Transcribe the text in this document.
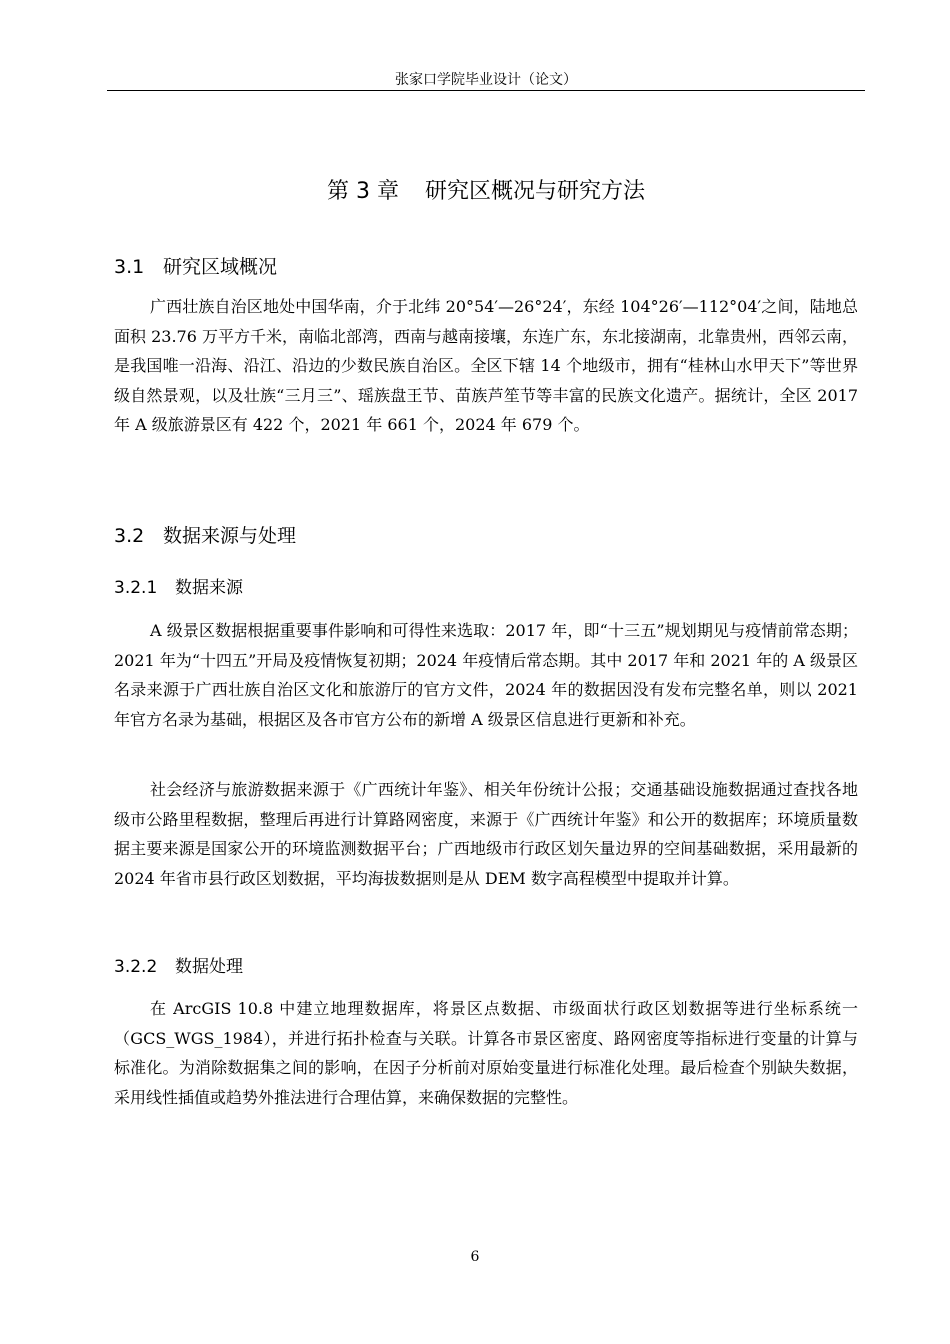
张家口学院毕业设计（论文）
第 3 章 研究区概况与研究方法
3.1 研究区域概况

广西壮族自治区地处中国华南，介于北纬 20°54′—26°24′，东经 104°26′—112°04′之间，陆地总面积 23.76 万平方千米，南临北部湾，西南与越南接壤，东连广东，东北接湖南，北靠贵州，西邻云南，是我国唯一沿海、沿江、沿边的少数民族自治区。全区下辖 14 个地级市，拥有“桂林山水甲天下”等世界级自然景观，以及壮族“三月三”、瑶族盘王节、苗族芦笙节等丰富的民族文化遗产。据统计，全区 2017 年 A 级旅游景区有 422 个，2021 年 661 个，2024 年 679 个。

3.2 数据来源与处理
3.2.1 数据来源

A 级景区数据根据重要事件影响和可得性来选取：2017 年，即“十三五”规划期见与疫情前常态期；2021 年为“十四五”开局及疫情恢复初期；2024 年疫情后常态期。其中 2017 年和 2021 年的 A 级景区名录来源于广西壮族自治区文化和旅游厅的官方文件，2024 年的数据因没有发布完整名单，则以 2021 年官方名录为基础，根据区及各市官方公布的新增 A 级景区信息进行更新和补充。

社会经济与旅游数据来源于《广西统计年鉴》、相关年份统计公报；交通基础设施数据通过查找各地级市公路里程数据，整理后再进行计算路网密度，来源于《广西统计年鉴》和公开的数据库；环境质量数据主要来源是国家公开的环境监测数据平台；广西地级市行政区划矢量边界的空间基础数据，采用最新的 2024 年省市县行政区划数据，平均海拔数据则是从 DEM 数字高程模型中提取并计算。

3.2.2 数据处理

在 ArcGIS 10.8 中建立地理数据库，将景区点数据、市级面状行政区划数据等进行坐标系统一（GCS_WGS_1984），并进行拓扑检查与关联。计算各市景区密度、路网密度等指标进行变量的计算与标准化。为消除数据集之间的影响，在因子分析前对原始变量进行标准化处理。最后检查个别缺失数据，采用线性插值或趋势外推法进行合理估算，来确保数据的完整性。

6
